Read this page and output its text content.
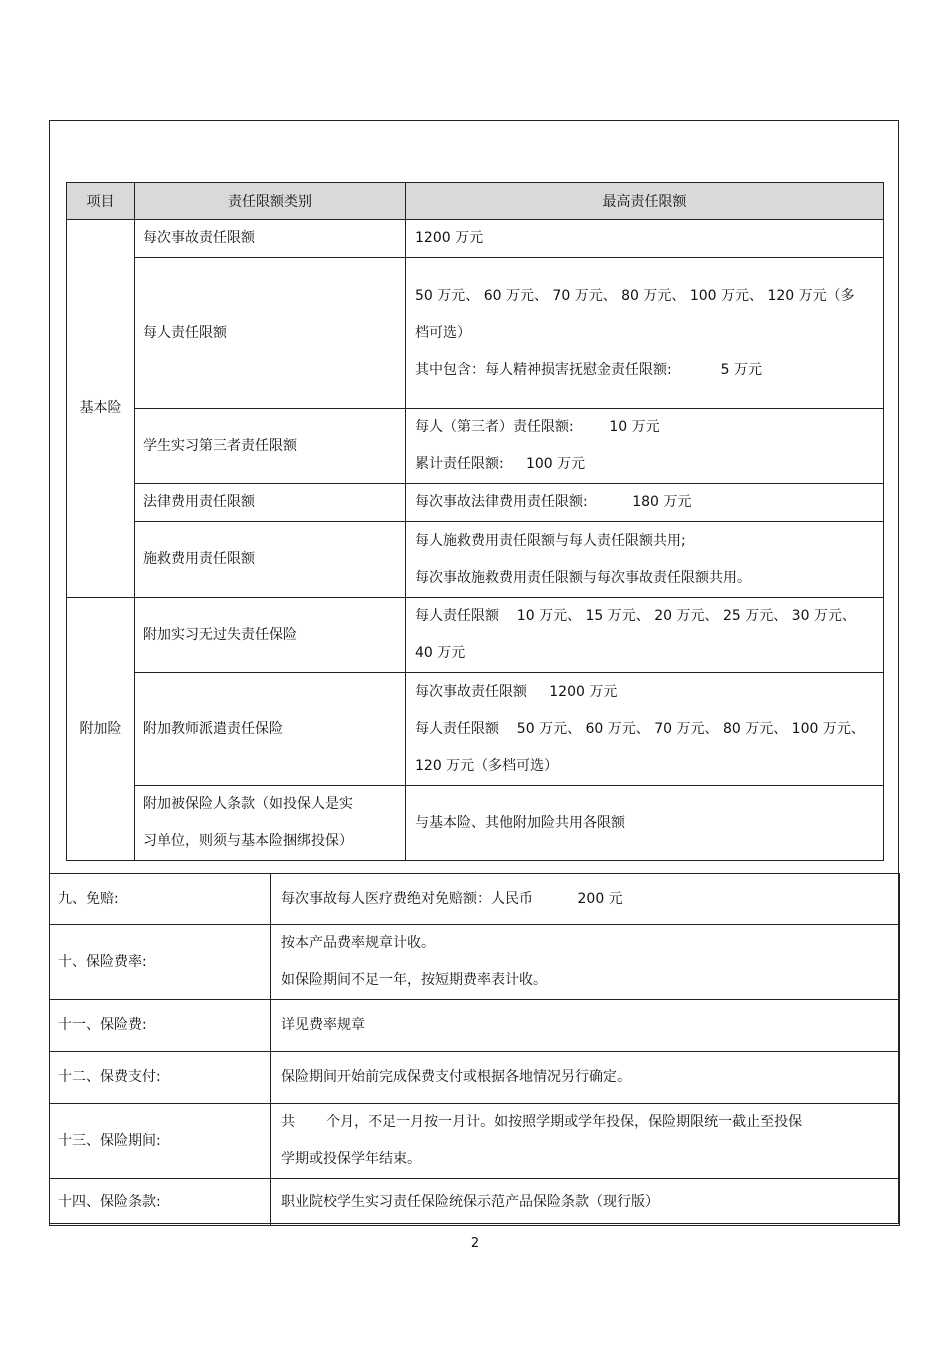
项目	责任限额类别	最高责任限额
基本险	每次事故责任限额	1200 万元

	每人责任限额	50 万元、 60 万元、 70 万元、 80 万元、 100 万元、 120 万元（多
档可选）
其中包含：每人精神损害抚慰金责任限额:           5 万元

	学生实习第三者责任限额	每人（第三者）责任限额:        10 万元
累计责任限额:     100 万元

	法律费用责任限额	每次事故法律费用责任限额:          180 万元

	施救费用责任限额	每人施救费用责任限额与每人责任限额共用;
每次事故施救费用责任限额与每次事故责任限额共用。

附加险	附加实习无过失责任保险	每人责任限额    10 万元、 15 万元、 20 万元、 25 万元、 30 万元、
40 万元

	附加教师派遣责任保险	每次事故责任限额     1200 万元
每人责任限额    50 万元、 60 万元、 70 万元、 80 万元、 100 万元、
120 万元（多档可选）

	附加被保险人条款（如投保人是实
习单位，则须与基本险捆绑投保）	与基本险、其他附加险共用各限额
九、免赔:	每次事故每人医疗费绝对免赔额：人民币          200 元

十、保险费率:	按本产品费率规章计收。
如保险期间不足一年，按短期费率表计收。

十一、保险费:	详见费率规章

十二、保费支付:	保险期间开始前完成保费支付或根据各地情况另行确定。

十三、保险期间:	共       个月，不足一月按一月计。如按照学期或学年投保，保险期限统一截止至投保
学期或投保学年结束。

十四、保险条款:	职业院校学生实习责任保险统保示范产品保险条款（现行版）
2
